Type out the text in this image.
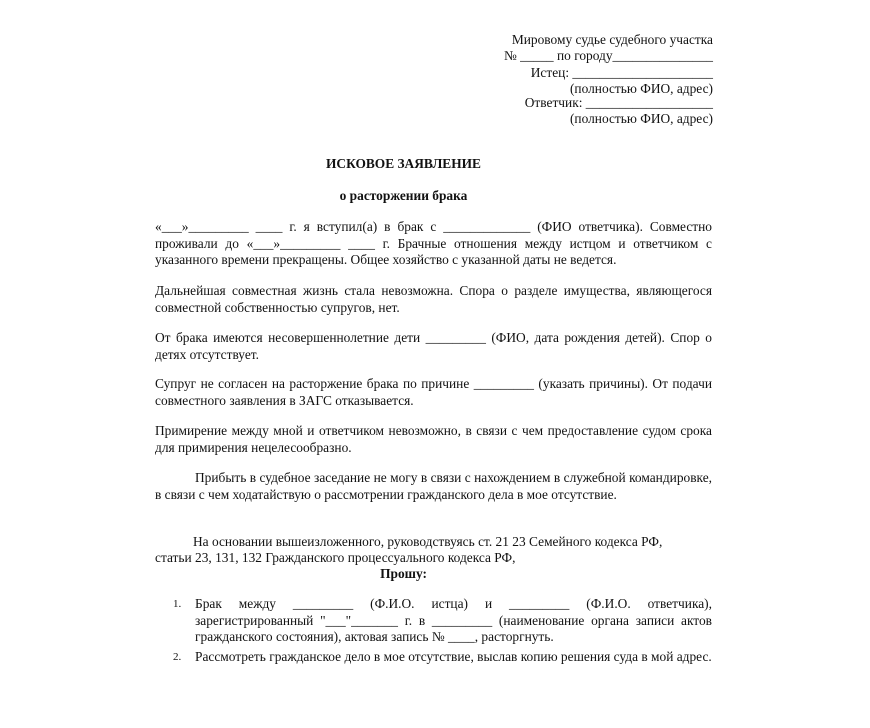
Мировому судье судебного участка
№ _____ по городу_______________
Истец: _____________________
(полностью ФИО, адрес)
Ответчик: ___________________
(полностью ФИО, адрес)
ИСКОВОЕ ЗАЯВЛЕНИЕ
о расторжении брака
«___»_________ ____ г. я вступил(а) в брак с _____________ (ФИО ответчика). Совместно проживали до «___»_________ ____ г. Брачные отношения между истцом и ответчиком с указанного времени прекращены. Общее хозяйство с указанной даты не ведется.
Дальнейшая совместная жизнь стала невозможна. Спора о разделе имущества, являющегося совместной собственностью супругов, нет.
От брака имеются несовершеннолетние дети _________ (ФИО, дата рождения детей). Спор о детях отсутствует.
Супруг не согласен на расторжение брака по причине _________ (указать причины). От подачи совместного заявления в ЗАГС отказывается.
Примирение между мной и ответчиком невозможно, в связи с чем предоставление судом срока для примирения нецелесообразно.
Прибыть в судебное заседание не могу в связи с нахождением в служебной командировке, в связи с чем ходатайствую о рассмотрении гражданского дела в мое отсутствие.
На основании вышеизложенного, руководствуясь ст. 21 23 Семейного кодекса РФ,
статьи 23, 131, 132 Гражданского процессуального кодекса РФ,
Прошу:
1. Брак между _________ (Ф.И.О. истца) и _________ (Ф.И.О. ответчика), зарегистрированный "___"_______ г. в _________ (наименование органа записи актов гражданского состояния), актовая запись № ____, расторгнуть.
2. Рассмотреть гражданское дело в мое отсутствие, выслав копию решения суда в мой адрес.
